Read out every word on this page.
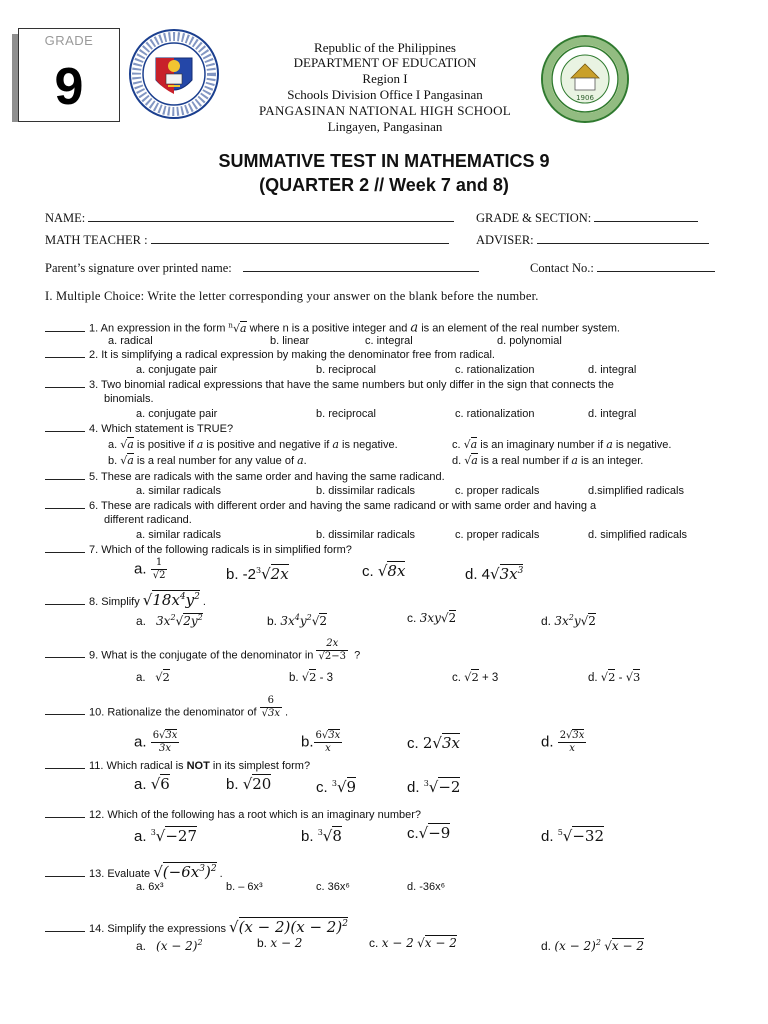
GRADE
9
Republic of the Philippines
DEPARTMENT OF EDUCATION
Region I
Schools Division Office I Pangasinan
PANGASINAN NATIONAL HIGH SCHOOL
Lingayen, Pangasinan
1906
SUMMATIVE TEST IN MATHEMATICS 9
(QUARTER 2 // Week 7 and 8)
NAME:	GRADE & SECTION:
MATH TEACHER :	ADVISER:
Parent’s signature over printed name:	Contact No.:
I. Multiple Choice: Write the letter corresponding your answer on the blank before the number.
1. An expression in the form $^n$√a where n is a positive integer and a is an element of the real number system.
a. radical	b. linear	c. integral	d. polynomial
2. It is simplifying a radical expression by making the denominator free from radical.
a. conjugate pair	b. reciprocal	c. rationalization	d. integral
3. Two binomial radical expressions that have the same numbers but only differ in the sign that connects the
binomials.
a. conjugate pair	b. reciprocal	c. rationalization	d. integral
4. Which statement is TRUE?
a. √a is positive if a is positive and negative if a is negative.	c. √a is an imaginary number if a is negative.
b. √a is a real number for any value of a.	d. √a is a real number if a is an integer.
5. These are radicals with the same order and having the same radicand.
a. similar radicals	b. dissimilar radicals	c. proper radicals	d.simplified radicals
6. These are radicals with different order and having the same radicand or with same order and having a
different radicand.
a. similar radicals	b. dissimilar radicals	c. proper radicals	d. simplified radicals
7. Which of the following radicals is in simplified form?
a. $\frac{1}{√2}$	b. $-2^3√2x$	c. √8x	d. $4√3x^3$
8. Simplify $√18x^4y^2$ .
a. $3x^2√2y^2$	b. $3x^4y^2√2$	c. 3xy√2	d. $3x^2y√2$
9. What is the conjugate of the denominator in $\frac{2x}{√2-3}$ ?
a. √2	b. √2 - 3	c. √2 + 3	d. √2 - √3
10. Rationalize the denominator of $\frac{6}{√3x}$ .
a. $\frac{6√3x}{3x}$	b. $\frac{6√3x}{x}$	c. 2√3x	d. $\frac{2√3x}{x}$
11. Which radical is NOT in its simplest form?
a. √6	b. √20	c. $^3$√9	d. $^3$√−2
12. Which of the following has a root which is an imaginary number?
a. $^3$√−27	b. $^3$√8	c.√−9	d. $^5$√−32
13. Evaluate $√(-6x^3)^2$ .
a. 6x³	b. – 6x³	c. 36x⁶	d. -36x⁶
14. Simplify the expressions $√(x - 2)(x - 2)^2$
a. $(x - 2)^2$	b. x − 2	c. x − 2 √x − 2	d. $(x - 2)^2$ √x − 2
